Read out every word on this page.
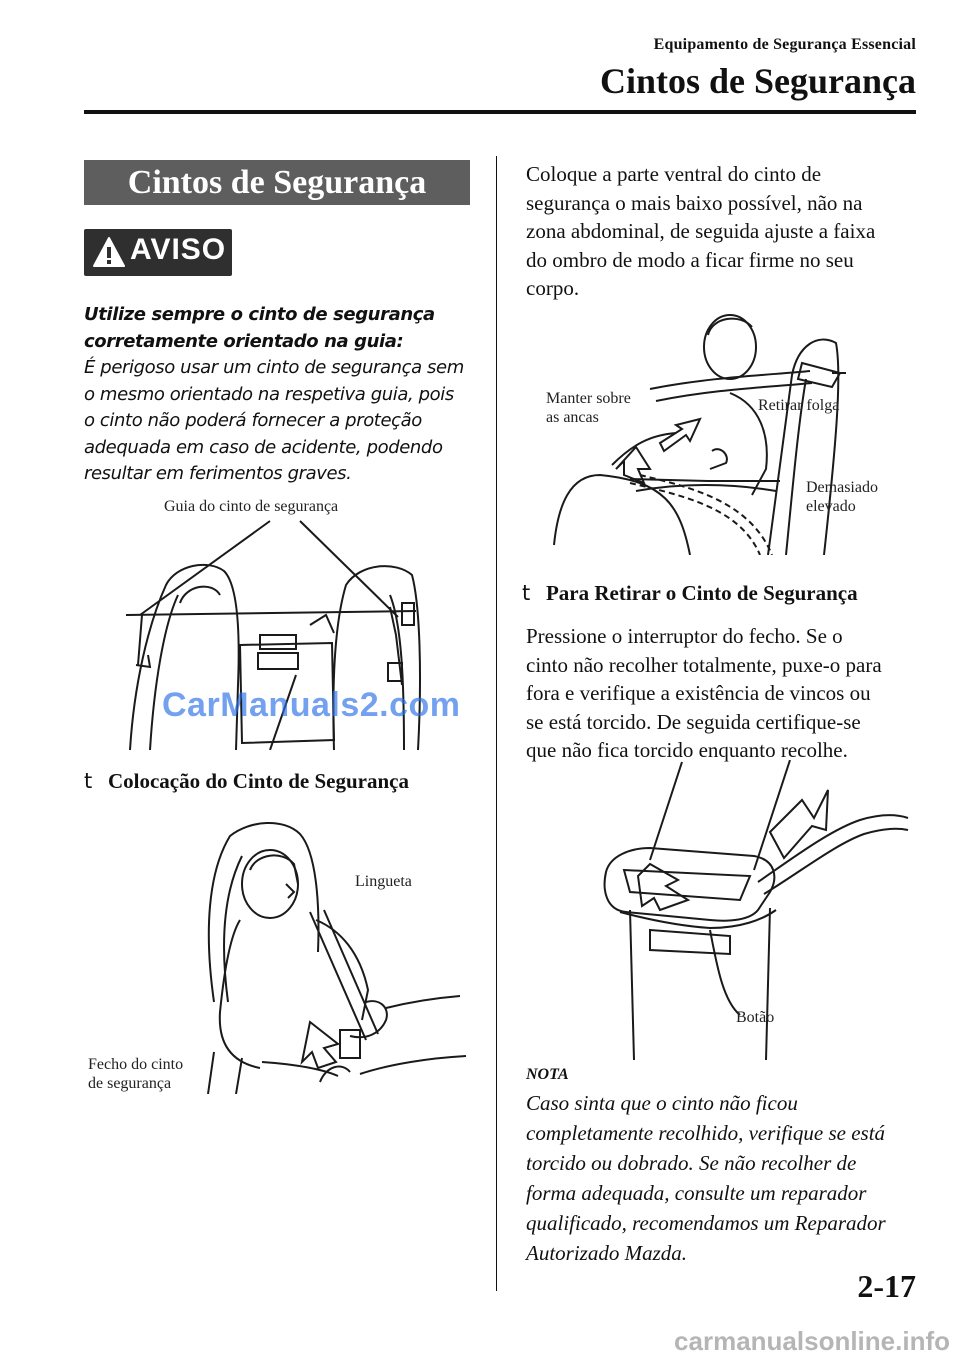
Equipamento de Segurança Essencial
Cintos de Segurança
Cintos de Segurança
AVISO
Utilize sempre o cinto de segurança
corretamente orientado na guia:
É perigoso usar um cinto de segurança sem
o mesmo orientado na respetiva guia, pois
o cinto não poderá fornecer a proteção
adequada em caso de acidente, podendo
resultar em ferimentos graves.
Guia do cinto de segurança
CarManuals2.com
t Colocação do Cinto de Segurança
Lingueta
Fecho do cinto
de segurança
Coloque a parte ventral do cinto de
segurança o mais baixo possível, não na
zona abdominal, de seguida ajuste a faixa
do ombro de modo a ficar firme no seu
corpo.
Manter sobre
as ancas
Retirar folga
Demasiado
elevado
t Para Retirar o Cinto de Segurança
Pressione o interruptor do fecho. Se o
cinto não recolher totalmente, puxe-o para
fora e verifique a existência de vincos ou
se está torcido. De seguida certifique-se
que não fica torcido enquanto recolhe.
Botão
NOTA
Caso sinta que o cinto não ficou
completamente recolhido, verifique se está
torcido ou dobrado. Se não recolher de
forma adequada, consulte um reparador
qualificado, recomendamos um Reparador
Autorizado Mazda.
2-17
carmanualsonline.info
